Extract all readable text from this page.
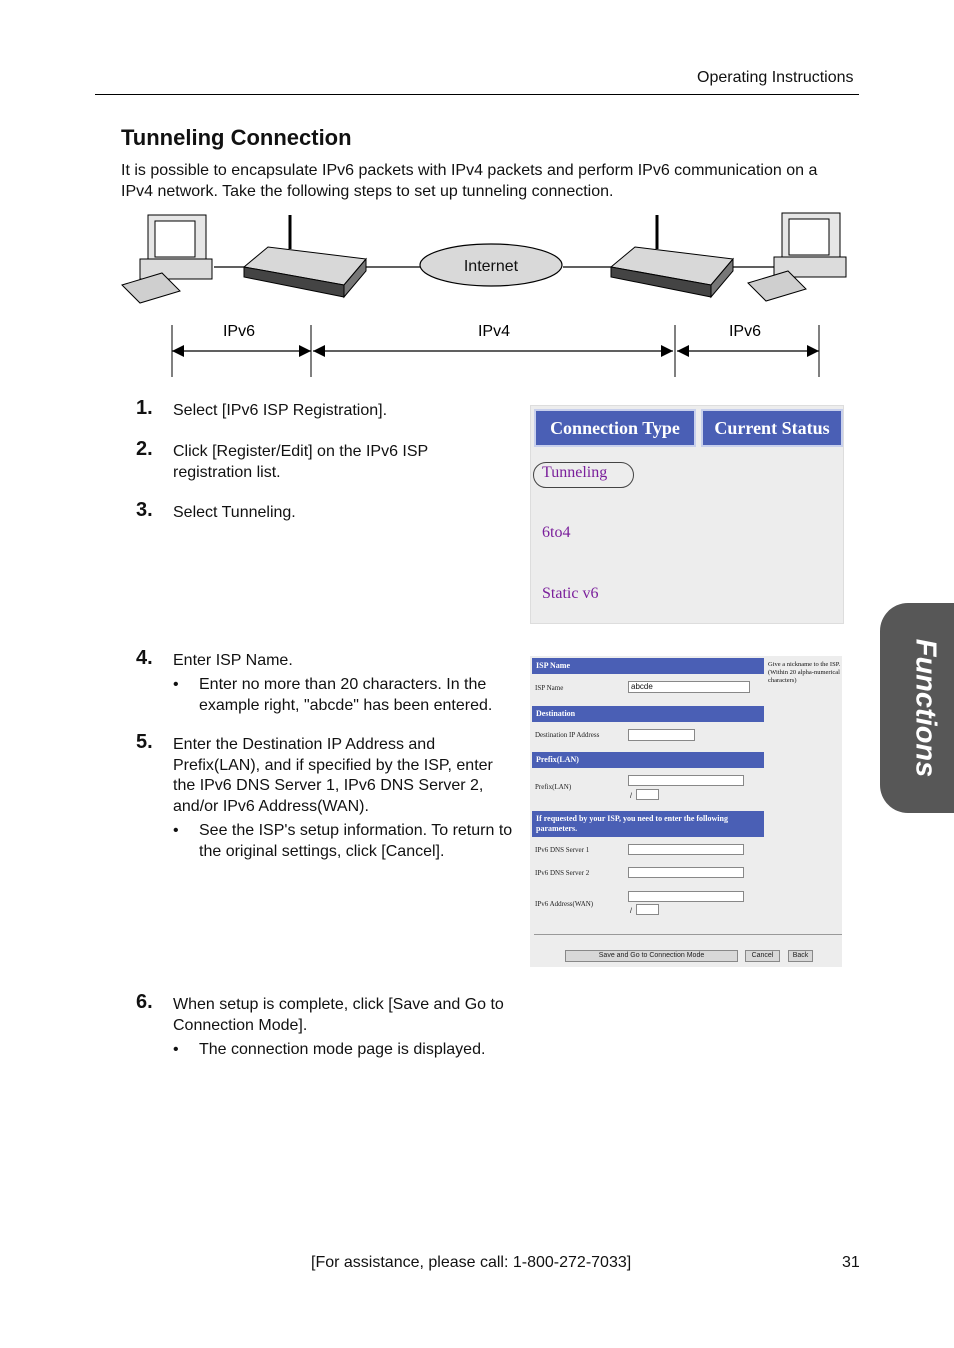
Operating Instructions
Tunneling Connection
It is possible to encapsulate IPv6 packets with IPv4 packets and perform IPv6 communication on a IPv4 network. Take the following steps to set up tunneling connection.
Internet
IPv6	IPv4	IPv6
1. Select [IPv6 ISP Registration].
2. Click [Register/Edit] on the IPv6 ISP registration list.
3. Select Tunneling.
4. Enter ISP Name.
• Enter no more than 20 characters. In the example right, "abcde" has been entered.
5. Enter the Destination IP Address and Prefix(LAN), and if specified by the ISP, enter the IPv6 DNS Server 1, IPv6 DNS Server 2, and/or IPv6 Address(WAN).
• See the ISP's setup information. To return to the original settings, click [Cancel].
6. When setup is complete, click [Save and Go to Connection Mode].
• The connection mode page is displayed.
Connection Type	Current Status
Tunneling
6to4
Static v6
ISP Name	Give a nickname to the ISP. (Within 20 alpha-numerical characters)
ISP Name	abcde
Destination
Destination IP Address
Prefix(LAN)
Prefix(LAN)
/
If requested by your ISP, you need to enter the following parameters.
IPv6 DNS Server 1
IPv6 DNS Server 2
IPv6 Address(WAN)
/
Save and Go to Connection Mode	Cancel	Back
Functions
[For assistance, please call: 1-800-272-7033]	31
